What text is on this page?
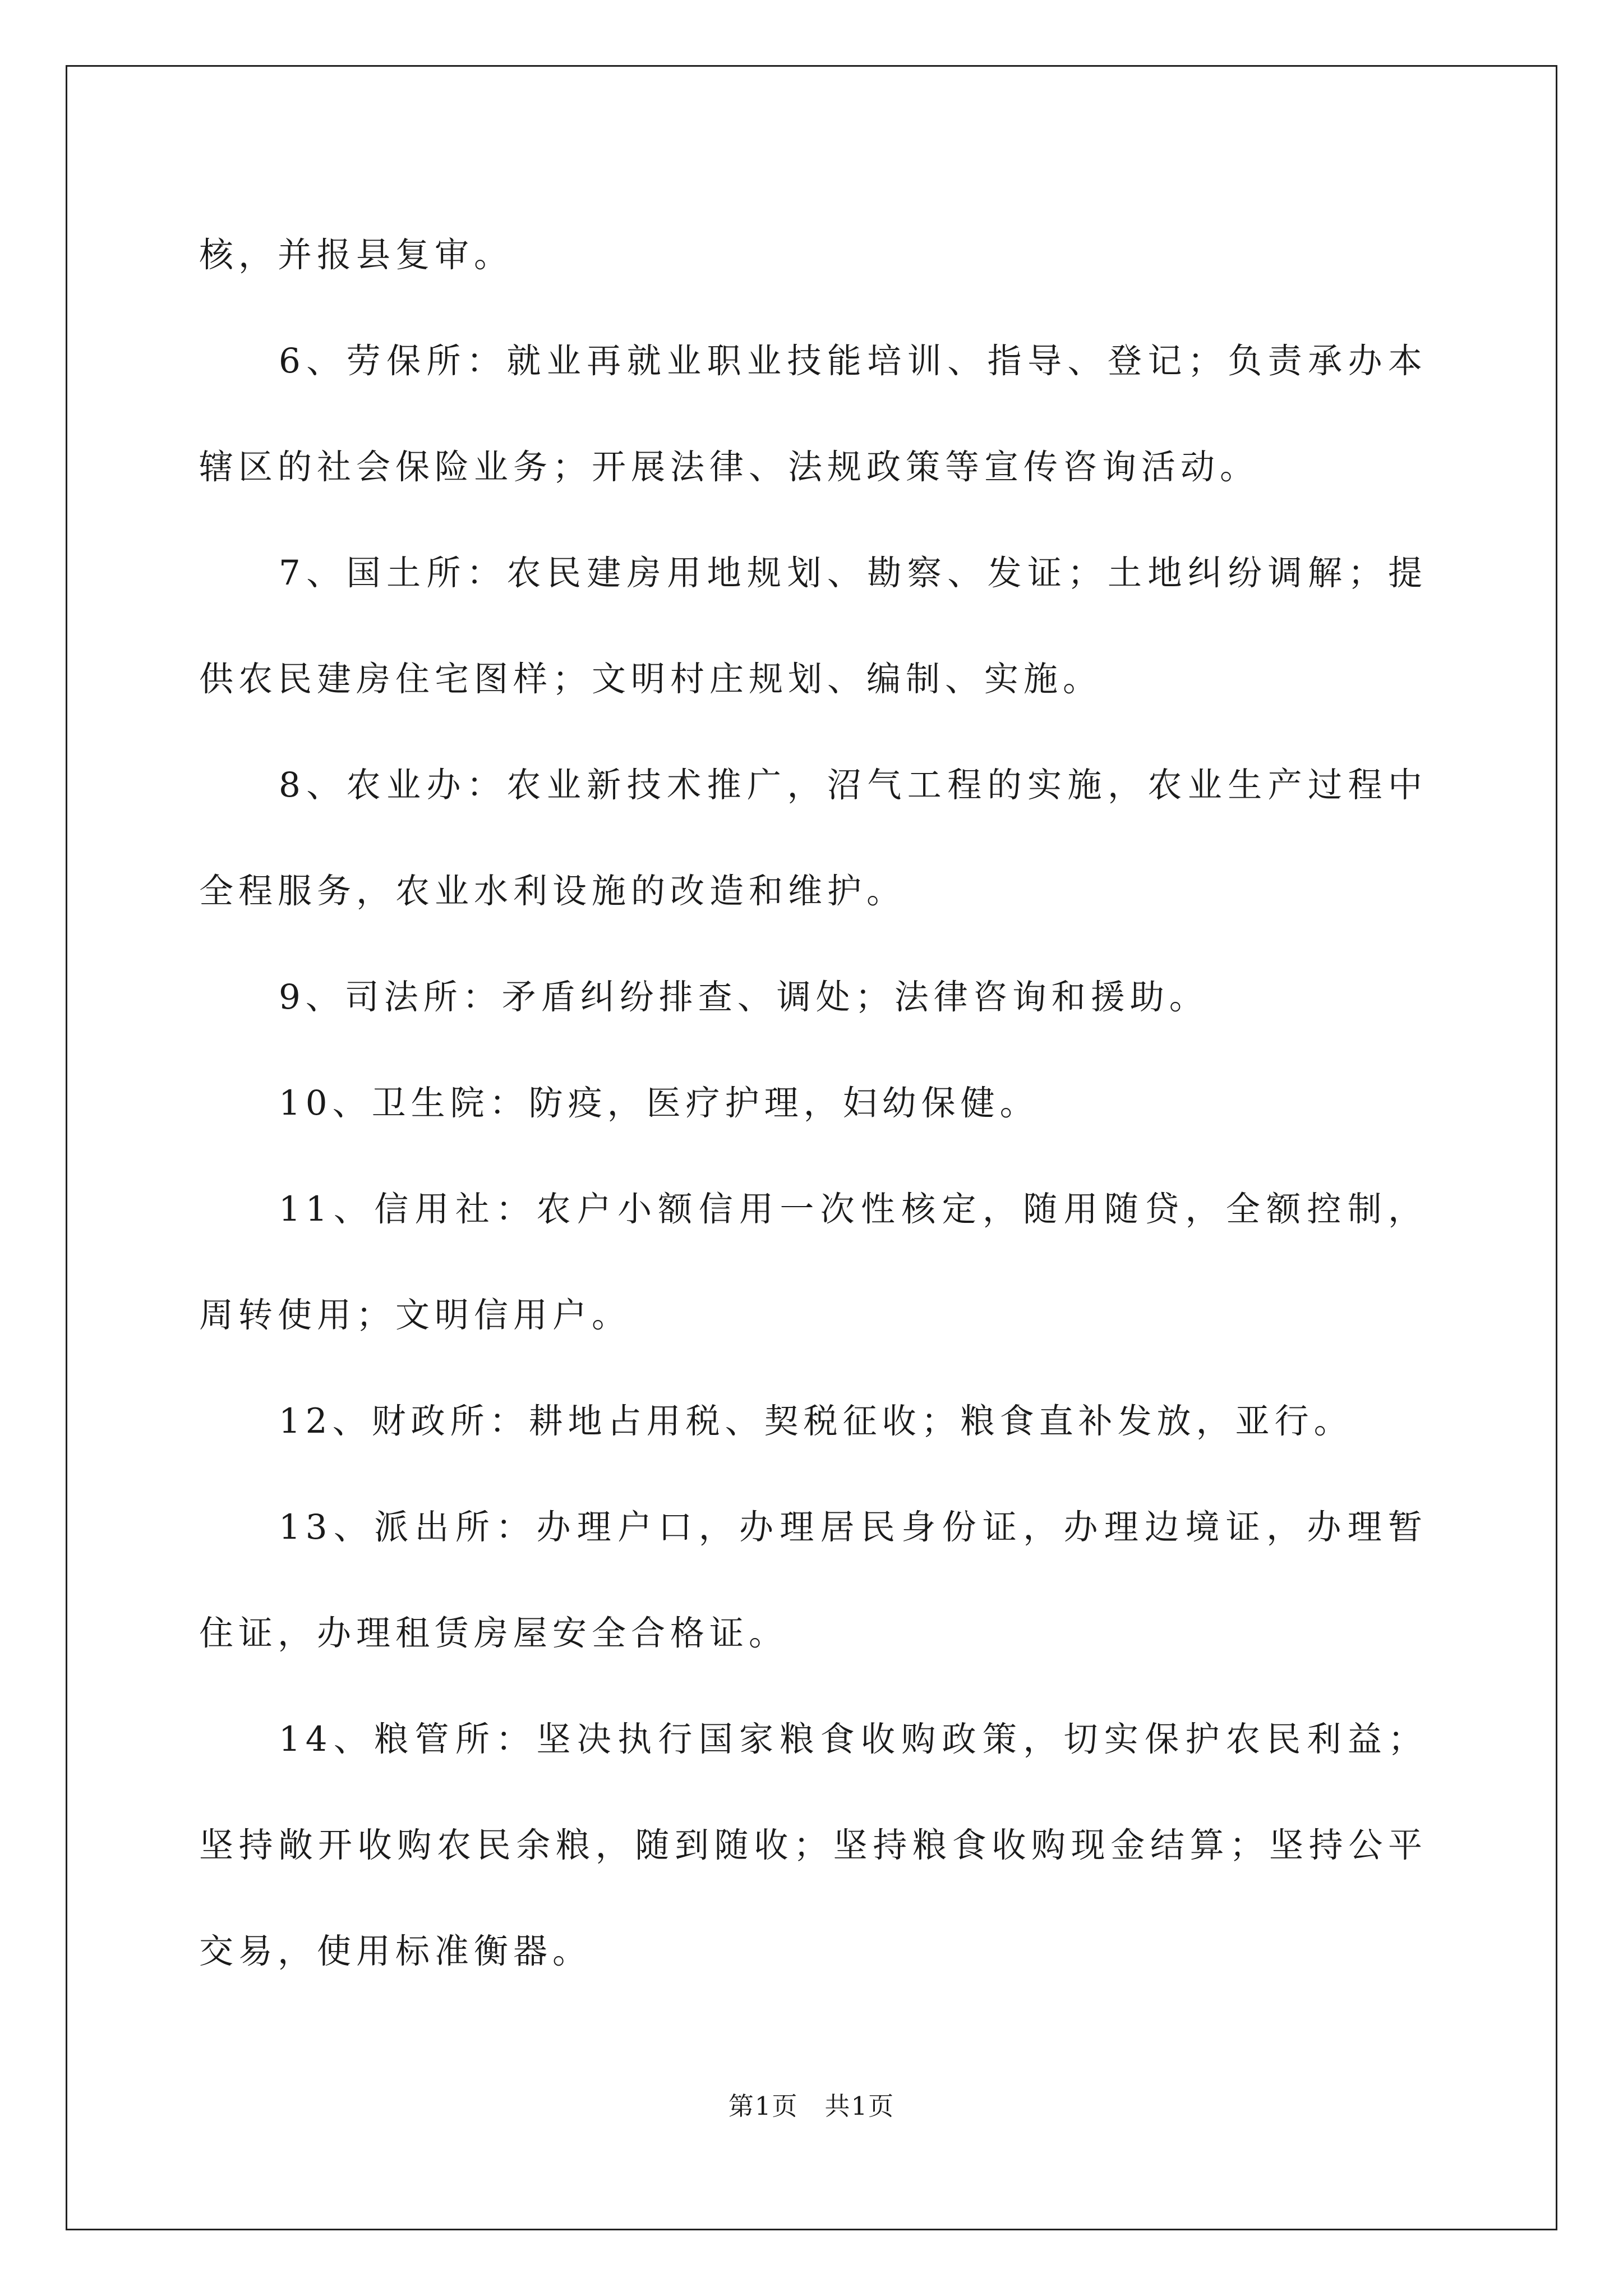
核，并报县复审。

6、劳保所：就业再就业职业技能培训、指导、登记；负责承办本辖区的社会保险业务；开展法律、法规政策等宣传咨询活动。

7、国土所：农民建房用地规划、勘察、发证；土地纠纷调解；提供农民建房住宅图样；文明村庄规划、编制、实施。

8、农业办：农业新技术推广，沼气工程的实施，农业生产过程中全程服务，农业水利设施的改造和维护。

9、司法所：矛盾纠纷排查、调处；法律咨询和援助。

10、卫生院：防疫，医疗护理，妇幼保健。

11、信用社：农户小额信用一次性核定，随用随贷，全额控制，周转使用；文明信用户。

12、财政所：耕地占用税、契税征收；粮食直补发放，亚行。

13、派出所：办理户口，办理居民身份证，办理边境证，办理暂住证，办理租赁房屋安全合格证。

14、粮管所：坚决执行国家粮食收购政策，切实保护农民利益；坚持敞开收购农民余粮，随到随收；坚持粮食收购现金结算；坚持公平交易，使用标准衡器。

第1页　共1页
